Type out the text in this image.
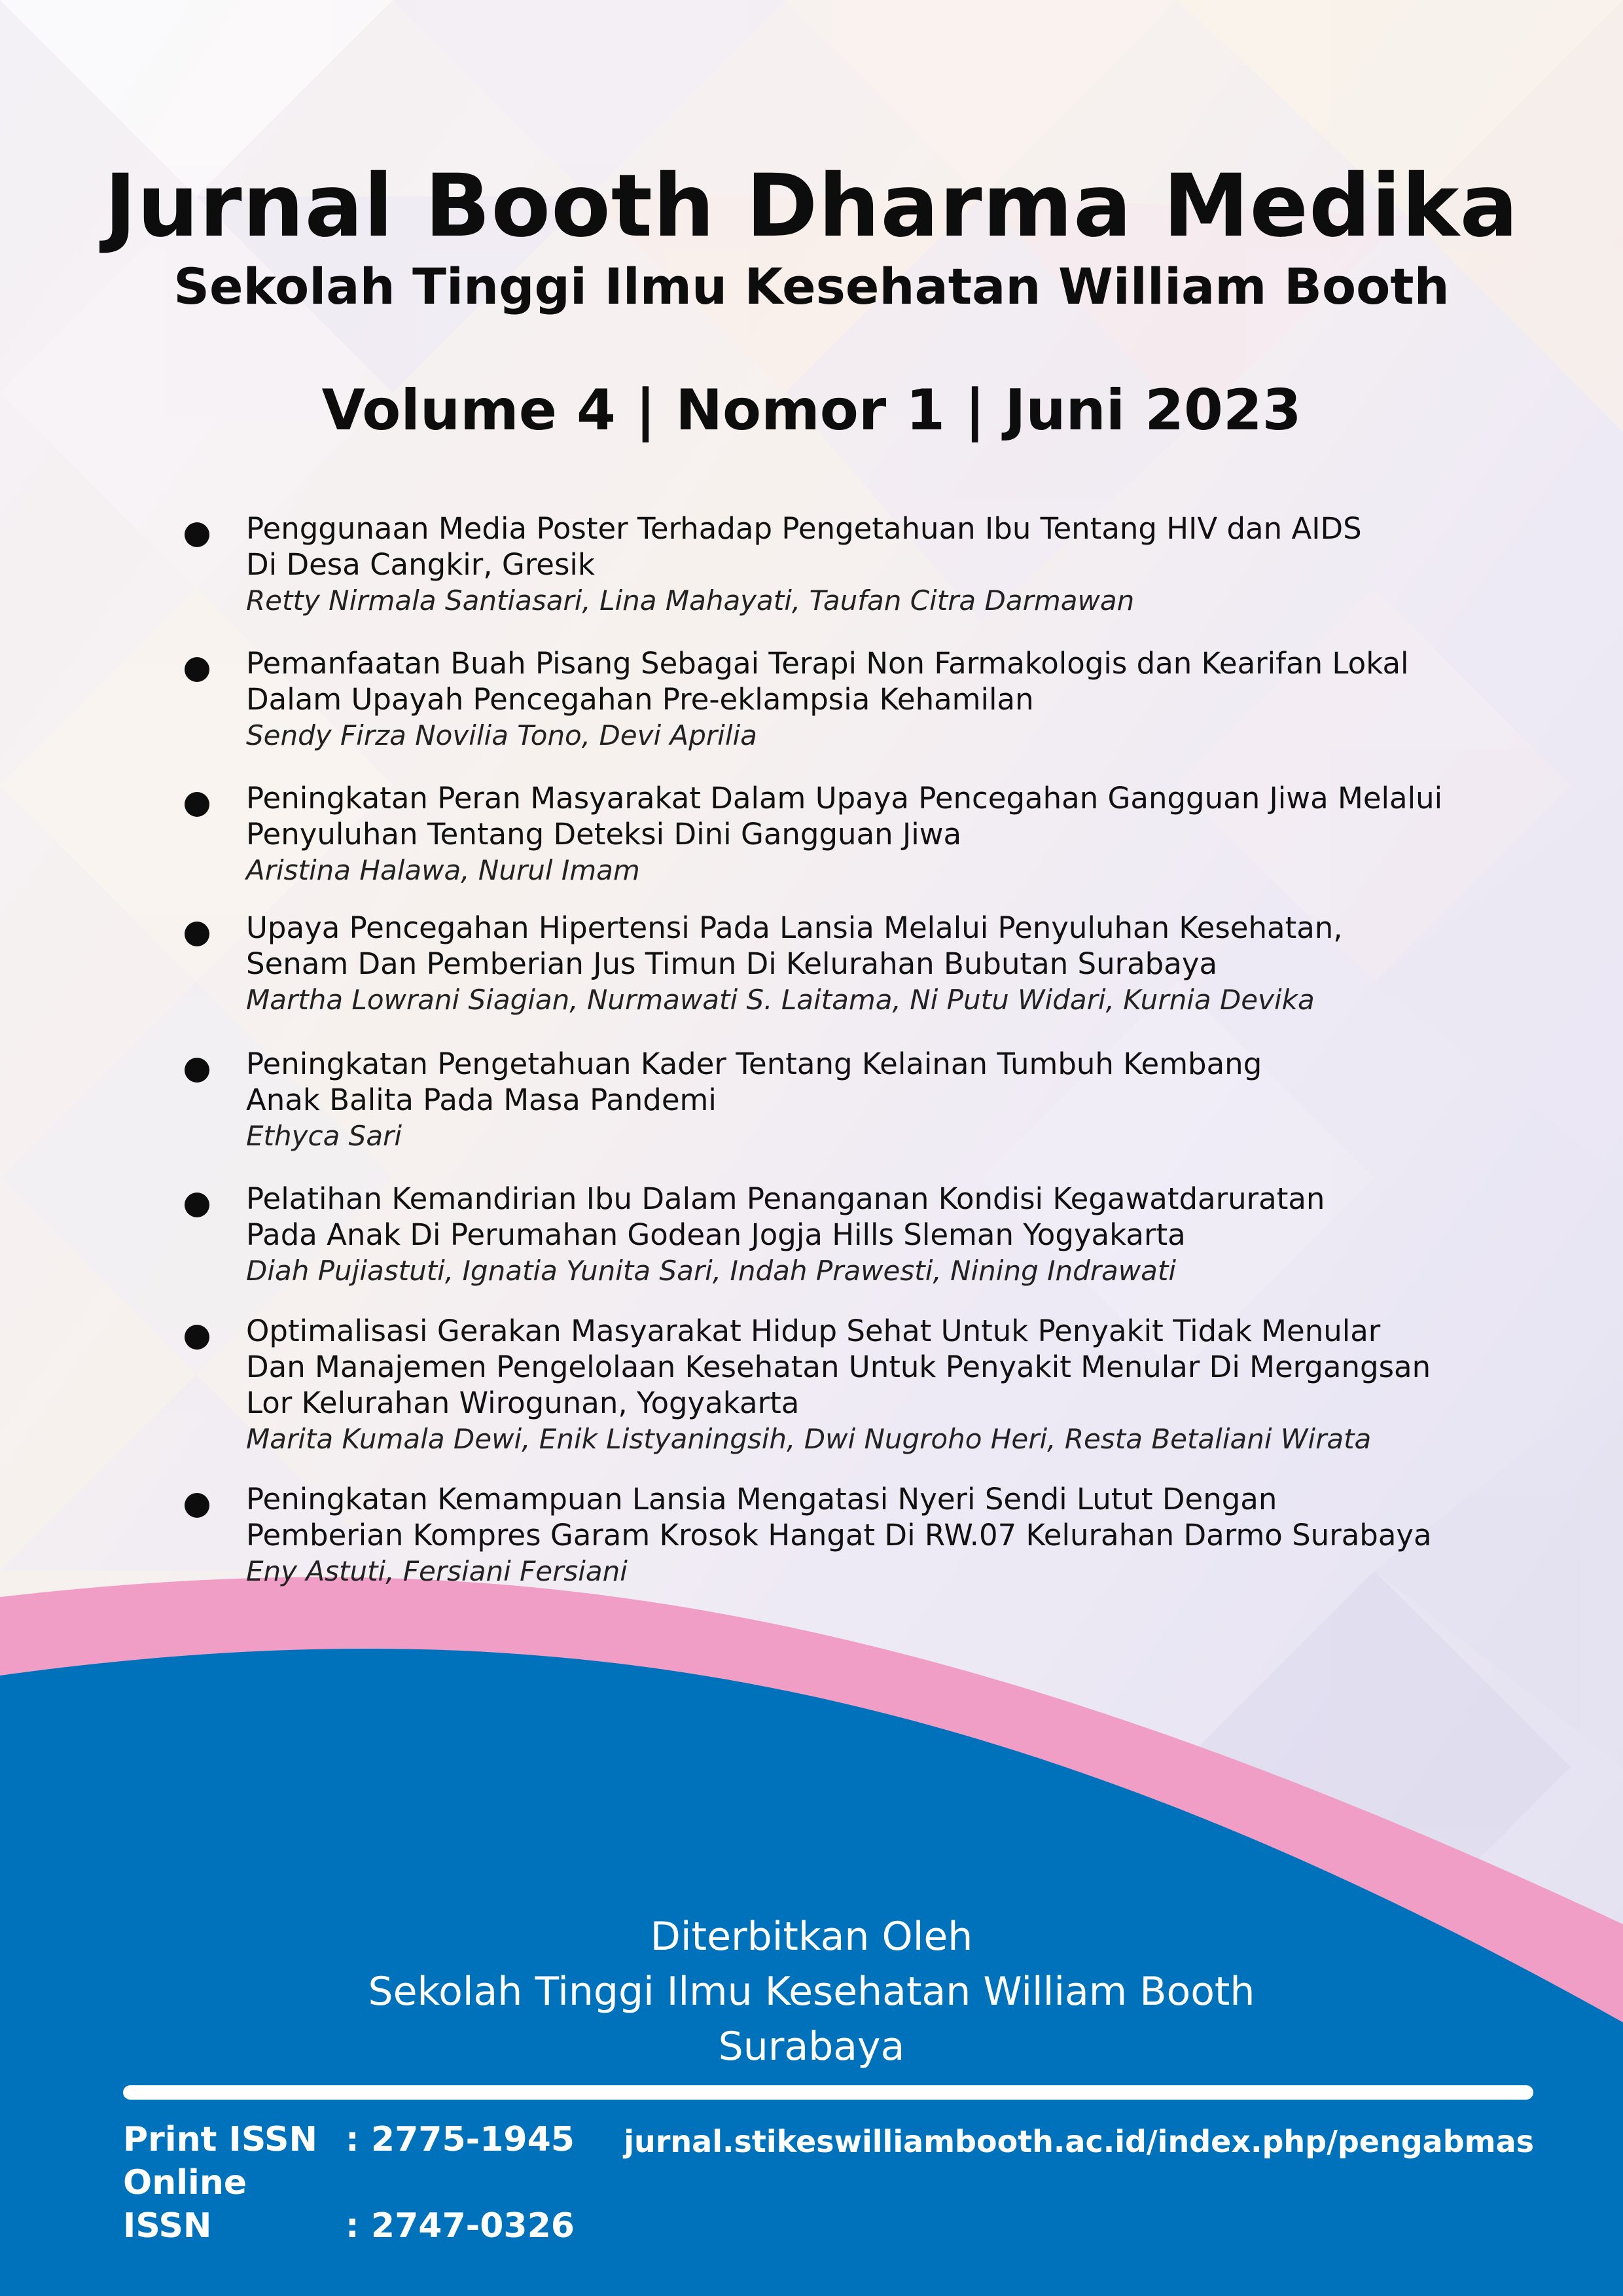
Jurnal Booth Dharma Medika
Sekolah Tinggi Ilmu Kesehatan William Booth
Volume 4 | Nomor 1 | Juni 2023
Penggunaan Media Poster Terhadap Pengetahuan Ibu Tentang HIV dan AIDS
Di Desa Cangkir, Gresik
Retty Nirmala Santiasari, Lina Mahayati, Taufan Citra Darmawan
Pemanfaatan Buah Pisang Sebagai Terapi Non Farmakologis dan Kearifan Lokal
Dalam Upayah Pencegahan Pre-eklampsia Kehamilan
Sendy Firza Novilia Tono, Devi Aprilia
Peningkatan Peran Masyarakat Dalam Upaya Pencegahan Gangguan Jiwa Melalui
Penyuluhan Tentang Deteksi Dini Gangguan Jiwa
Aristina Halawa, Nurul Imam
Upaya Pencegahan Hipertensi Pada Lansia Melalui Penyuluhan Kesehatan,
Senam Dan Pemberian Jus Timun Di Kelurahan Bubutan Surabaya
Martha Lowrani Siagian, Nurmawati S. Laitama, Ni Putu Widari, Kurnia Devika
Peningkatan Pengetahuan Kader Tentang Kelainan Tumbuh Kembang
Anak Balita Pada Masa Pandemi
Ethyca Sari
Pelatihan Kemandirian Ibu Dalam Penanganan Kondisi Kegawatdaruratan
Pada Anak Di Perumahan Godean Jogja Hills Sleman Yogyakarta
Diah Pujiastuti, Ignatia Yunita Sari, Indah Prawesti, Nining Indrawati
Optimalisasi Gerakan Masyarakat Hidup Sehat Untuk Penyakit Tidak Menular
Dan Manajemen Pengelolaan Kesehatan Untuk Penyakit Menular Di Mergangsan
Lor Kelurahan Wirogunan, Yogyakarta
Marita Kumala Dewi, Enik Listyaningsih, Dwi Nugroho Heri, Resta Betaliani Wirata
Peningkatan Kemampuan Lansia Mengatasi Nyeri Sendi Lutut Dengan
Pemberian Kompres Garam Krosok Hangat Di RW.07 Kelurahan Darmo Surabaya
Eny Astuti, Fersiani Fersiani
Diterbitkan Oleh
Sekolah Tinggi Ilmu Kesehatan William Booth
Surabaya
Print ISSN : 2775-1945
Online ISSN	: 2747-0326
jurnal.stikeswilliambooth.ac.id/index.php/pengabmas
